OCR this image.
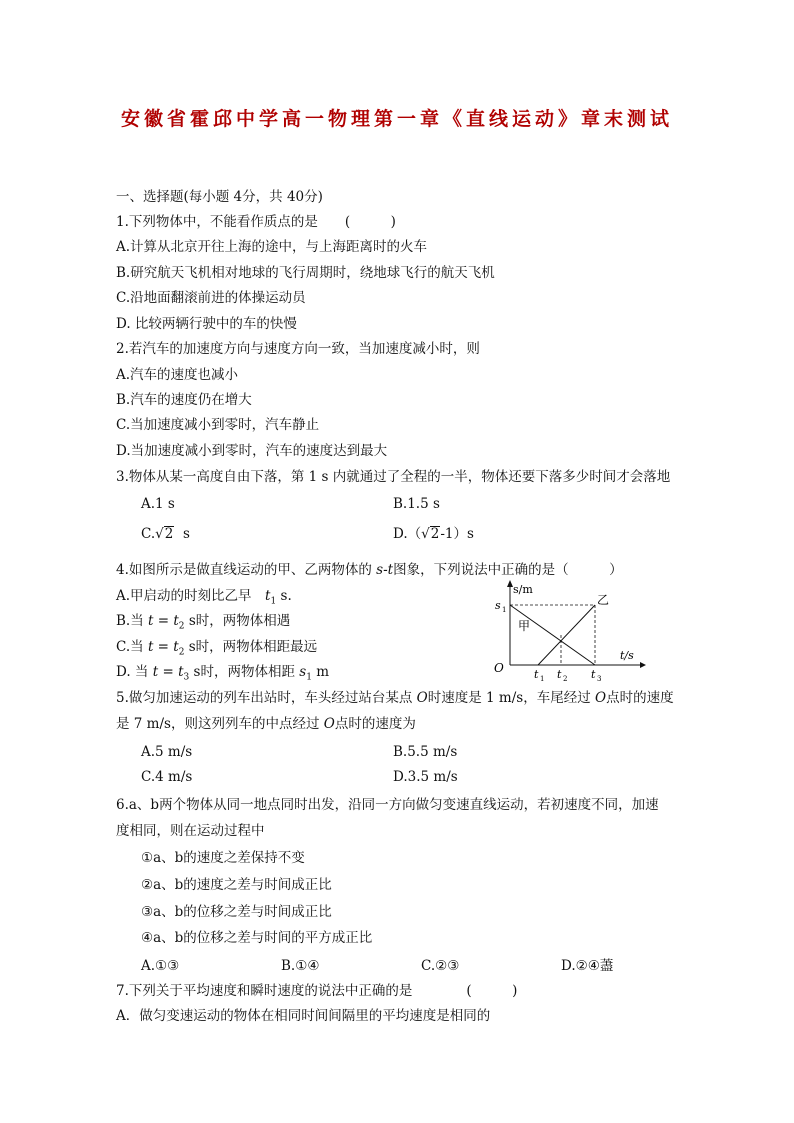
安徽省霍邱中学高一物理第一章《直线运动》章末测试
一、选择题(每小题 4分，共 40分)
1.下列物体中，不能看作质点的是　　(　　　)
A.计算从北京开往上海的途中，与上海距离时的火车
B.研究航天飞机相对地球的飞行周期时，绕地球飞行的航天飞机
C.沿地面翻滚前进的体操运动员
D. 比较两辆行驶中的车的快慢
2.若汽车的加速度方向与速度方向一致，当加速度减小时，则
A.汽车的速度也减小
B.汽车的速度仍在增大
C.当加速度减小到零时，汽车静止
D.当加速度减小到零时，汽车的速度达到最大
3.物体从某一高度自由下落，第 1 s 内就通过了全程的一半，物体还要下落多少时间才会落地
A.1 s	B.1.5 s
C.√2 s	D.（√2-1）s
4.如图所示是做直线运动的甲、乙两物体的 s-t图象，下列说法中正确的是（　　　）
A.甲启动的时刻比乙早　$t_1$ s.
B.当 $t = t_2$ s时，两物体相遇
C.当 $t = t_2$ s时，两物体相距最远
D. 当 $t = t_3$ s时，两物体相距 $s_1$ m
s/m
t/s
O
s 1
甲
乙
t 1 t 2 t 3
5.做匀加速运动的列车出站时，车头经过站台某点 O时速度是 1 m/s，车尾经过 O点时的速度
是 7 m/s，则这列列车的中点经过 O点时的速度为
A.5 m/s	B.5.5 m/s
C.4 m/s	D.3.5 m/s
6.a、b两个物体从同一地点同时出发，沿同一方向做匀变速直线运动，若初速度不同，加速
度相同，则在运动过程中
①a、b的速度之差保持不变
②a、b的速度之差与时间成正比
③a、b的位移之差与时间成正比
④a、b的位移之差与时间的平方成正比
A.①③	B.①④	C.②③	D.②④藎
7.下列关于平均速度和瞬时速度的说法中正确的是　　　　(　　　)
A．做匀变速运动的物体在相同时间间隔里的平均速度是相同的
